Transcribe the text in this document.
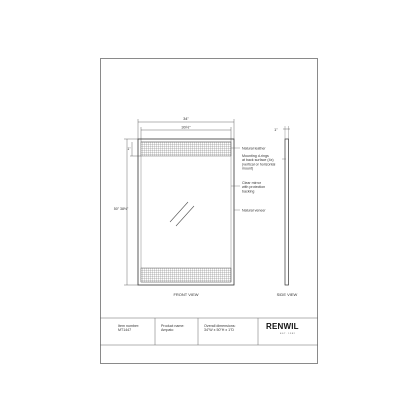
34"
30½"
50" 38½"
1"
1"
Natural leather
Mounting d-rings at back surface (4x) (vertical or horizontal mount)
Clear mirror with protection backing
Natural veneer
FRONT VIEW	SIDE VIEW
Item number:
MT1447
Product name:
Ampato
Overall dimensions:
34"W x 50"H x 1"D	RENWIL
EST. 1982
